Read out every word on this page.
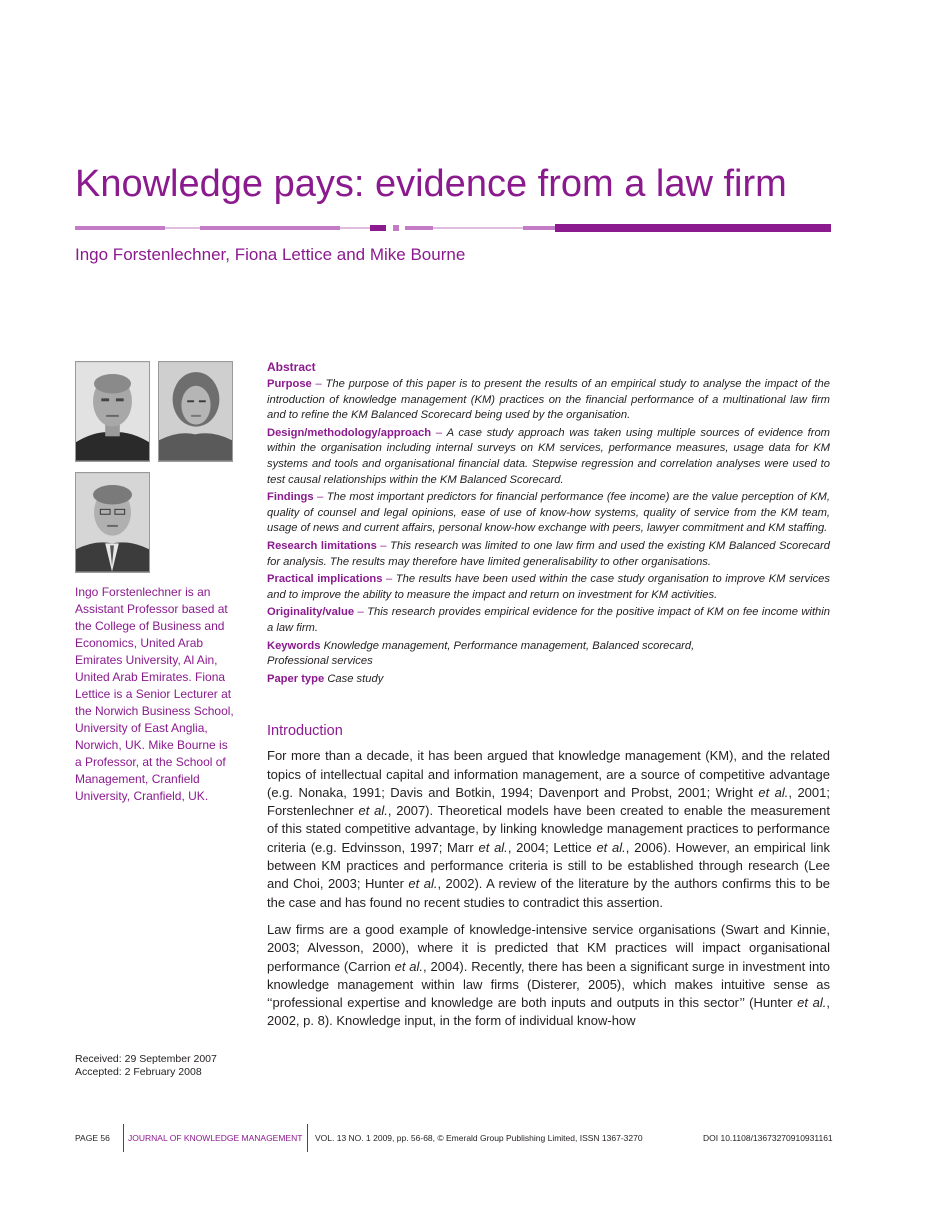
Knowledge pays: evidence from a law firm
Ingo Forstenlechner, Fiona Lettice and Mike Bourne

Ingo Forstenlechner is an Assistant Professor based at the College of Business and Economics, United Arab Emirates University, Al Ain, United Arab Emirates. Fiona Lettice is a Senior Lecturer at the Norwich Business School, University of East Anglia, Norwich, UK. Mike Bourne is a Professor, at the School of Management, Cranfield University, Cranfield, UK.

Received: 29 September 2007
Accepted: 2 February 2008
Abstract

Purpose – The purpose of this paper is to present the results of an empirical study to analyse the impact of the introduction of knowledge management (KM) practices on the financial performance of a multinational law firm and to refine the KM Balanced Scorecard being used by the organisation.

Design/methodology/approach – A case study approach was taken using multiple sources of evidence from within the organisation including internal surveys on KM services, performance measures, usage data for KM systems and tools and organisational financial data. Stepwise regression and correlation analyses were used to test causal relationships within the KM Balanced Scorecard.

Findings – The most important predictors for financial performance (fee income) are the value perception of KM, quality of counsel and legal opinions, ease of use of know-how systems, quality of service from the KM team, usage of news and current affairs, personal know-how exchange with peers, lawyer commitment and KM staffing.

Research limitations – This research was limited to one law firm and used the existing KM Balanced Scorecard for analysis. The results may therefore have limited generalisability to other organisations.

Practical implications – The results have been used within the case study organisation to improve KM services and to improve the ability to measure the impact and return on investment for KM activities.

Originality/value – This research provides empirical evidence for the positive impact of KM on fee income within a law firm.

Keywords Knowledge management, Performance management, Balanced scorecard,
Professional services

Paper type Case study

Introduction

For more than a decade, it has been argued that knowledge management (KM), and the related topics of intellectual capital and information management, are a source of competitive advantage (e.g. Nonaka, 1991; Davis and Botkin, 1994; Davenport and Probst, 2001; Wright et al., 2001; Forstenlechner et al., 2007). Theoretical models have been created to enable the measurement of this stated competitive advantage, by linking knowledge management practices to performance criteria (e.g. Edvinsson, 1997; Marr et al., 2004; Lettice et al., 2006). However, an empirical link between KM practices and performance criteria is still to be established through research (Lee and Choi, 2003; Hunter et al., 2002). A review of the literature by the authors confirms this to be the case and has found no recent studies to contradict this assertion.

Law firms are a good example of knowledge-intensive service organisations (Swart and Kinnie, 2003; Alvesson, 2000), where it is predicted that KM practices will impact organisational performance (Carrion et al., 2004). Recently, there has been a significant surge in investment into knowledge management within law firms (Disterer, 2005), which makes intuitive sense as ‘‘professional expertise and knowledge are both inputs and outputs in this sector’’ (Hunter et al., 2002, p. 8). Knowledge input, in the form of individual know-how

PAGE 56 JOURNAL OF KNOWLEDGE MANAGEMENT VOL. 13 NO. 1 2009, pp. 56-68, © Emerald Group Publishing Limited, ISSN 1367-3270	DOI 10.1108/13673270910931161
